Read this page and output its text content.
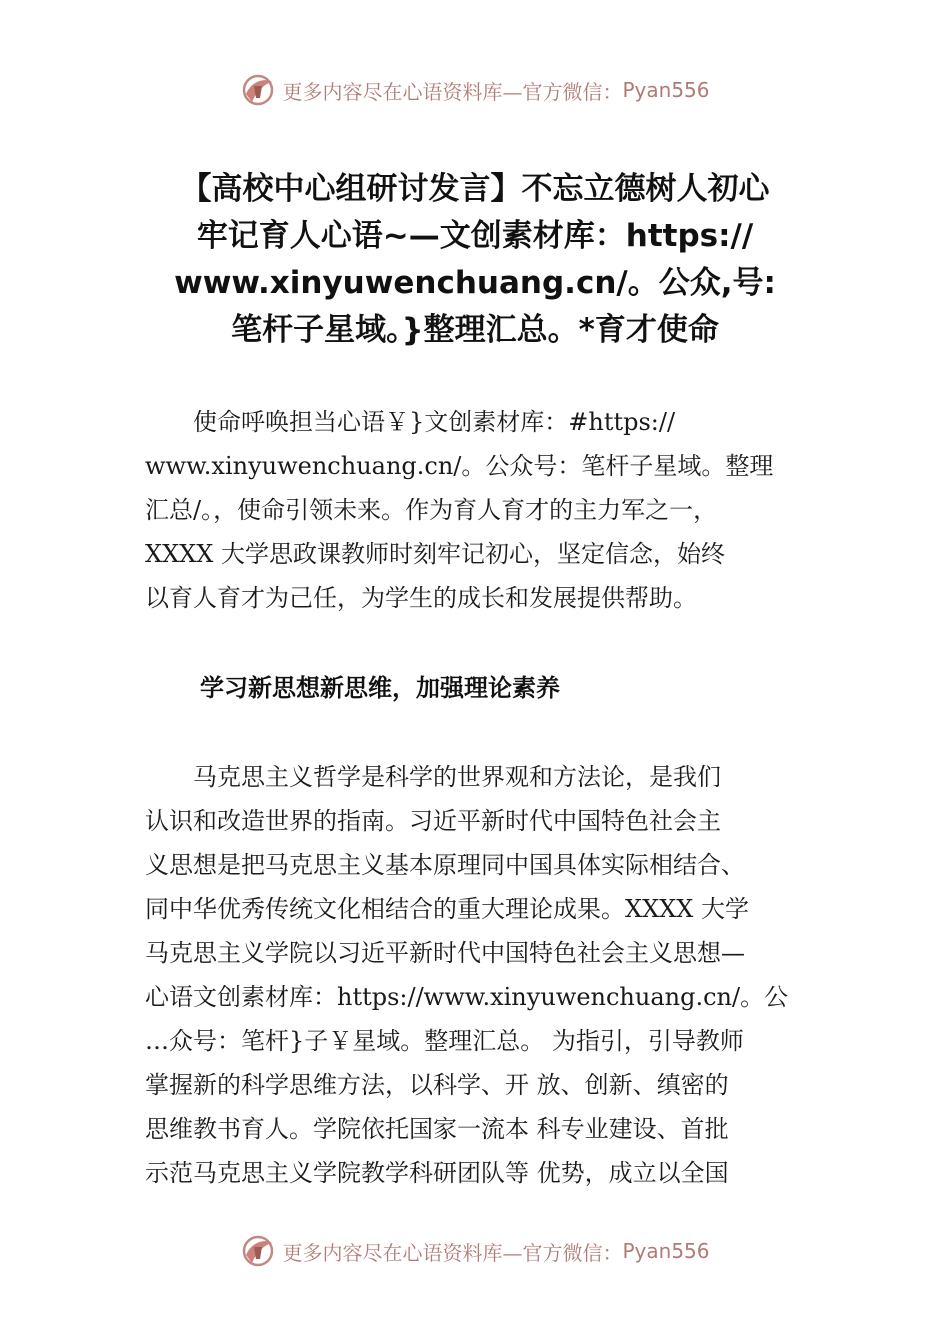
更多内容尽在心语资料库—官方微信： Pyan556
【高校中心组研讨发言】不忘立德树人初心
牢记育人心语~—文创素材库：https://
www.xinyuwenchuang.cn/。公众,号:
笔杆子星域。}整理汇总。*育才使命

　　使命呼唤担当心语￥}文创素材库：#https://

www.xinyuwenchuang.cn/。公众号：笔杆子星域。整理

汇总/。，使命引领未来。作为育人育才的主力军之一，

XXXX 大学思政课教师时刻牢记初心，坚定信念，始终

以育人育才为己任，为学生的成长和发展提供帮助。

学习新思想新思维，加强理论素养

　　马克思主义哲学是科学的世界观和方法论，是我们

认识和改造世界的指南。习近平新时代中国特色社会主

义思想是把马克思主义基本原理同中国具体实际相结合、

同中华优秀传统文化相结合的重大理论成果。XXXX 大学

马克思主义学院以习近平新时代中国特色社会主义思想—

心语文创素材库：https://www.xinyuwenchuang.cn/。公

…众号：笔杆}子￥星域。整理汇总。 为指引，引导教师

掌握新的科学思维方法，以科学、开 放、创新、缜密的

思维教书育人。学院依托国家一流本 科专业建设、首批

示范马克思主义学院教学科研团队等 优势，成立以全国

更多内容尽在心语资料库—官方微信： Pyan556
